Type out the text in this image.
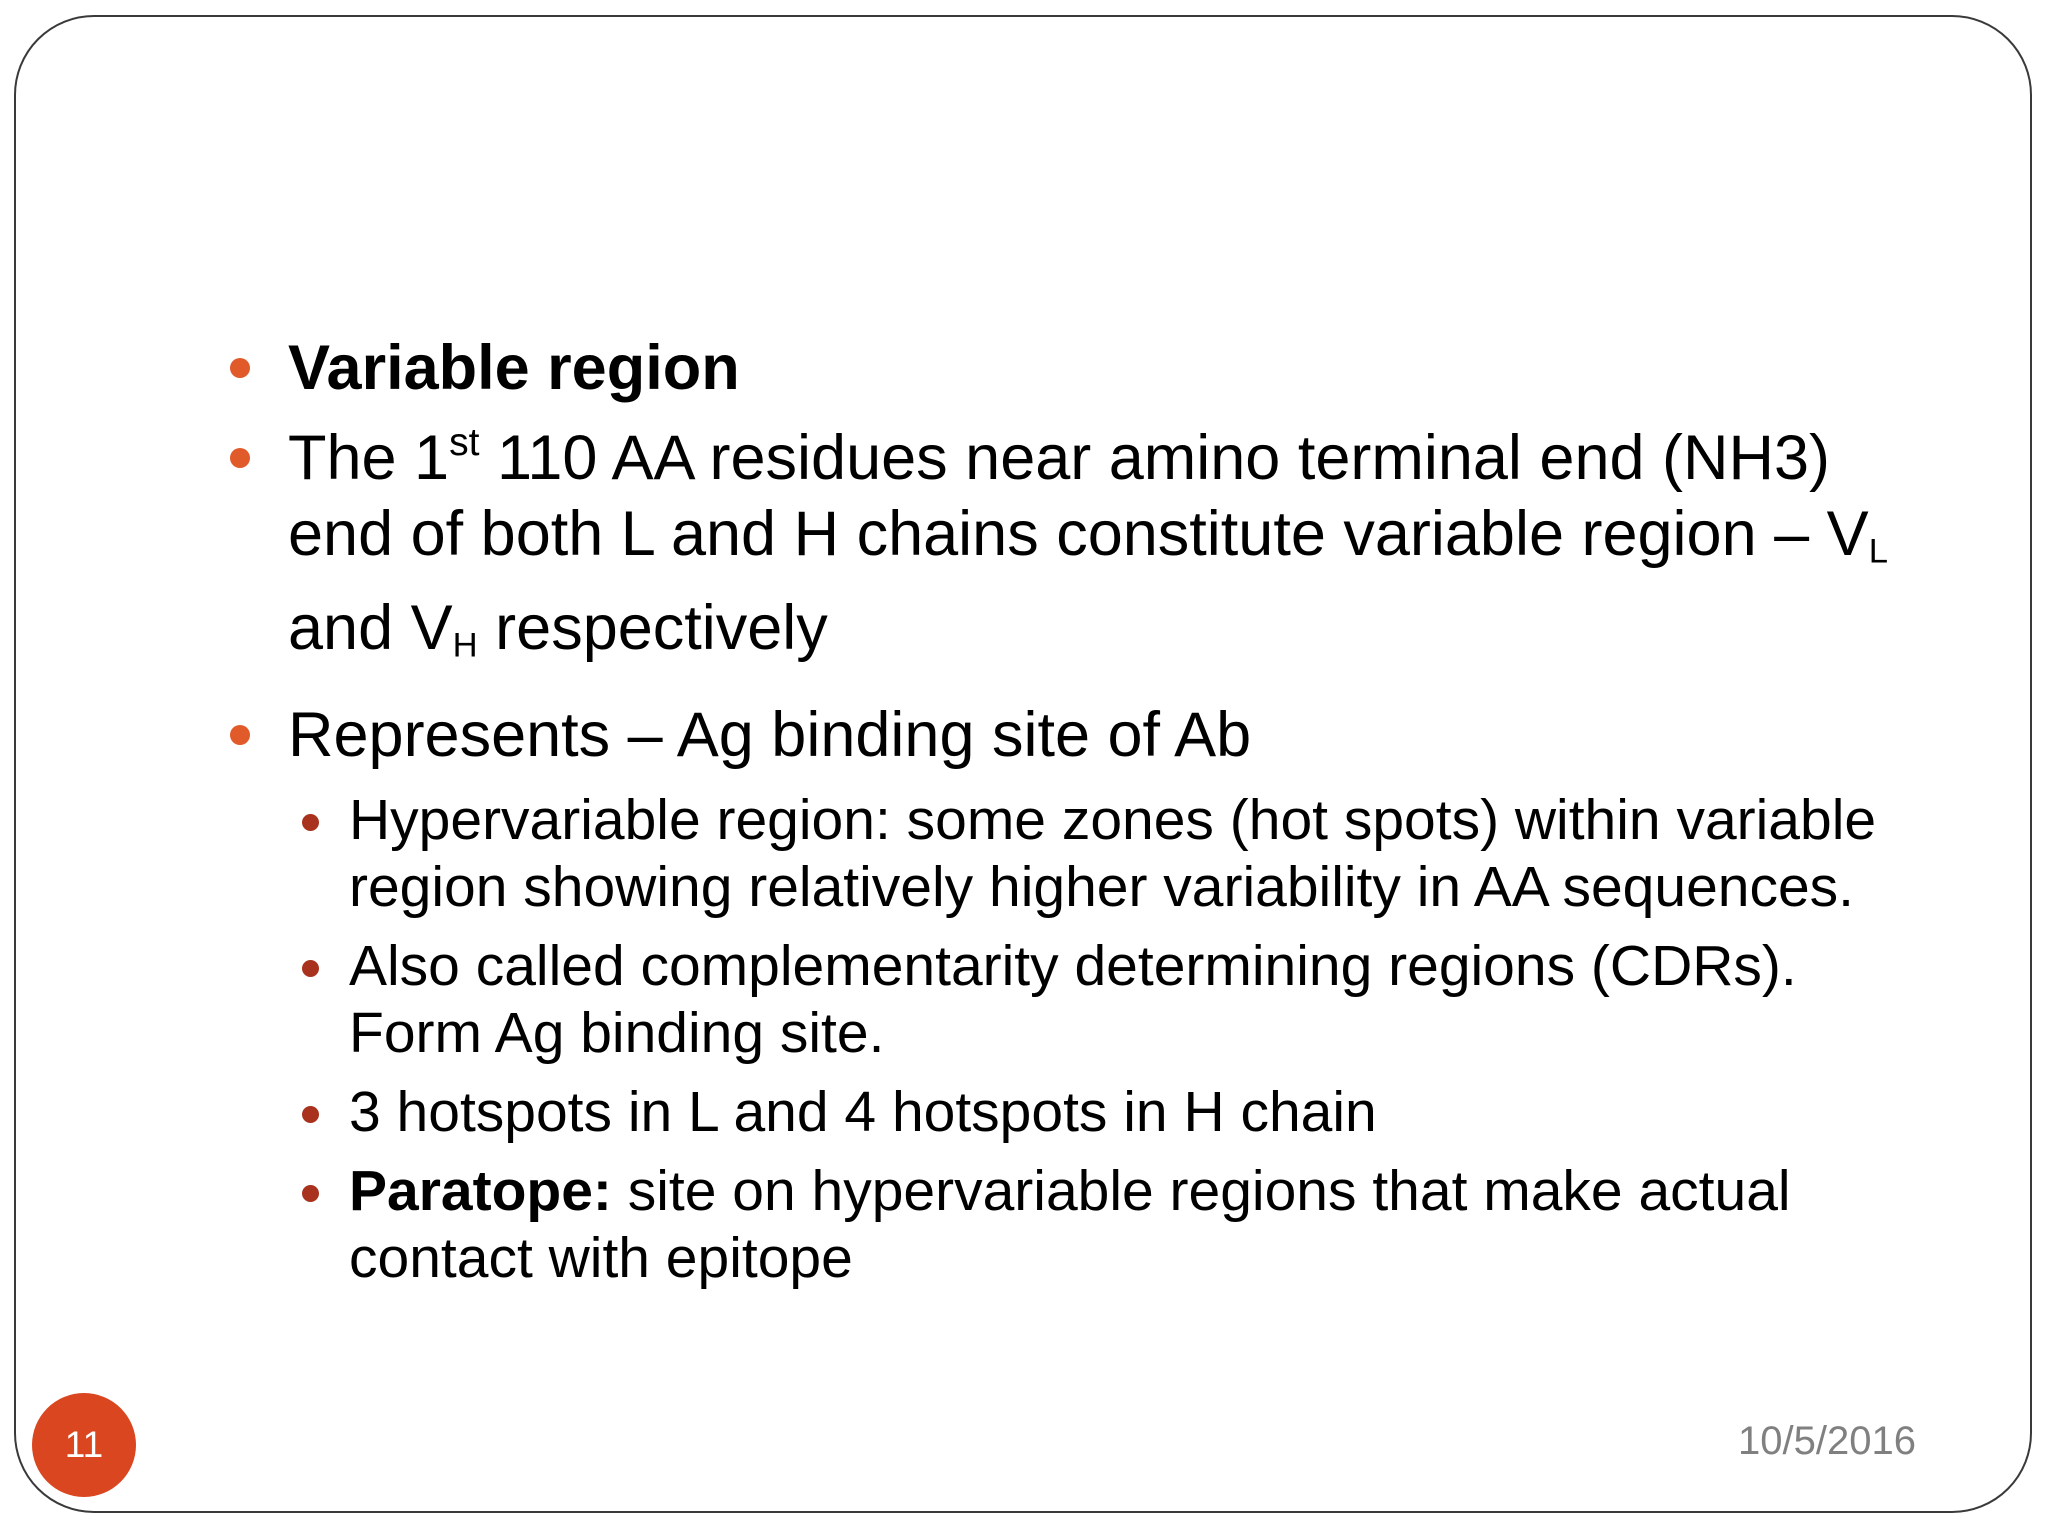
Variable region
The 1st 110 AA residues near amino terminal end (NH3) end of both L and H chains constitute variable region – $V_L$ and $V_H$ respectively
Represents – Ag binding site of Ab
Hypervariable region: some zones (hot spots) within variable region showing relatively higher variability in AA sequences.
Also called complementarity determining regions (CDRs). Form Ag binding site.
3 hotspots in L and 4 hotspots in H chain
Paratope: site on hypervariable regions that make actual contact with epitope
11	10/5/2016
